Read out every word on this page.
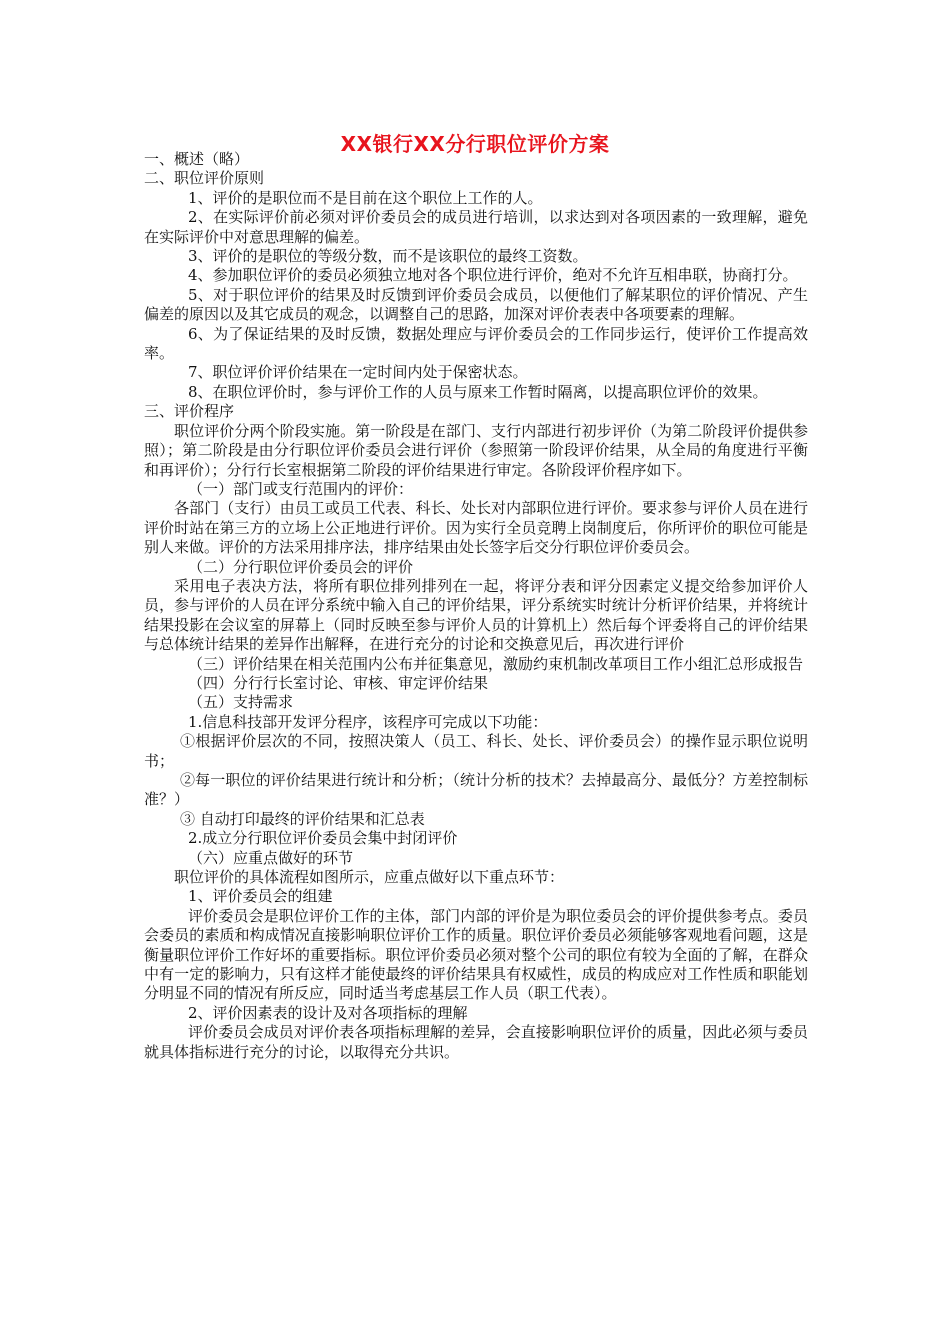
XX银行XX分行职位评价方案

一、概述（略）

二、职位评价原则

1、评价的是职位而不是目前在这个职位上工作的人。

2、在实际评价前必须对评价委员会的成员进行培训，以求达到对各项因素的一致理解，避免在实际评价中对意思理解的偏差。

3、评价的是职位的等级分数，而不是该职位的最终工资数。

4、参加职位评价的委员必须独立地对各个职位进行评价，绝对不允许互相串联，协商打分。

5、对于职位评价的结果及时反馈到评价委员会成员，以便他们了解某职位的评价情况、产生偏差的原因以及其它成员的观念，以调整自己的思路，加深对评价表表中各项要素的理解。

6、为了保证结果的及时反馈，数据处理应与评价委员会的工作同步运行，使评价工作提高效率。

7、职位评价评价结果在一定时间内处于保密状态。

8、在职位评价时，参与评价工作的人员与原来工作暂时隔离，以提高职位评价的效果。

三、评价程序

职位评价分两个阶段实施。第一阶段是在部门、支行内部进行初步评价（为第二阶段评价提供参照）；第二阶段是由分行职位评价委员会进行评价（参照第一阶段评价结果，从全局的角度进行平衡和再评价）；分行行长室根据第二阶段的评价结果进行审定。各阶段评价程序如下。

（一）部门或支行范围内的评价：

各部门（支行）由员工或员工代表、科长、处长对内部职位进行评价。要求参与评价人员在进行评价时站在第三方的立场上公正地进行评价。因为实行全员竞聘上岗制度后，你所评价的职位可能是别人来做。评价的方法采用排序法，排序结果由处长签字后交分行职位评价委员会。

（二）分行职位评价委员会的评价

采用电子表决方法，将所有职位排列排列在一起，将评分表和评分因素定义提交给参加评价人员，参与评价的人员在评分系统中输入自己的评价结果，评分系统实时统计分析评价结果，并将统计结果投影在会议室的屏幕上（同时反映至参与评价人员的计算机上）然后每个评委将自己的评价结果与总体统计结果的差异作出解释，在进行充分的讨论和交换意见后，再次进行评价

（三）评价结果在相关范围内公布并征集意见，激励约束机制改革项目工作小组汇总形成报告

（四）分行行长室讨论、审核、审定评价结果

（五）支持需求

1.信息科技部开发评分程序，该程序可完成以下功能：

①根据评价层次的不同，按照决策人（员工、科长、处长、评价委员会）的操作显示职位说明书；

②每一职位的评价结果进行统计和分析；（统计分析的技术？去掉最高分、最低分？方差控制标准？）

③ 自动打印最终的评价结果和汇总表

2.成立分行职位评价委员会集中封闭评价

（六）应重点做好的环节

职位评价的具体流程如图所示，应重点做好以下重点环节：

1、评价委员会的组建

评价委员会是职位评价工作的主体，部门内部的评价是为职位委员会的评价提供参考点。委员会委员的素质和构成情况直接影响职位评价工作的质量。职位评价委员必须能够客观地看问题，这是衡量职位评价工作好坏的重要指标。职位评价委员必须对整个公司的职位有较为全面的了解，在群众中有一定的影响力，只有这样才能使最终的评价结果具有权威性，成员的构成应对工作性质和职能划分明显不同的情况有所反应，同时适当考虑基层工作人员（职工代表）。

2、评价因素表的设计及对各项指标的理解

评价委员会成员对评价表各项指标理解的差异，会直接影响职位评价的质量，因此必须与委员就具体指标进行充分的讨论，以取得充分共识。
